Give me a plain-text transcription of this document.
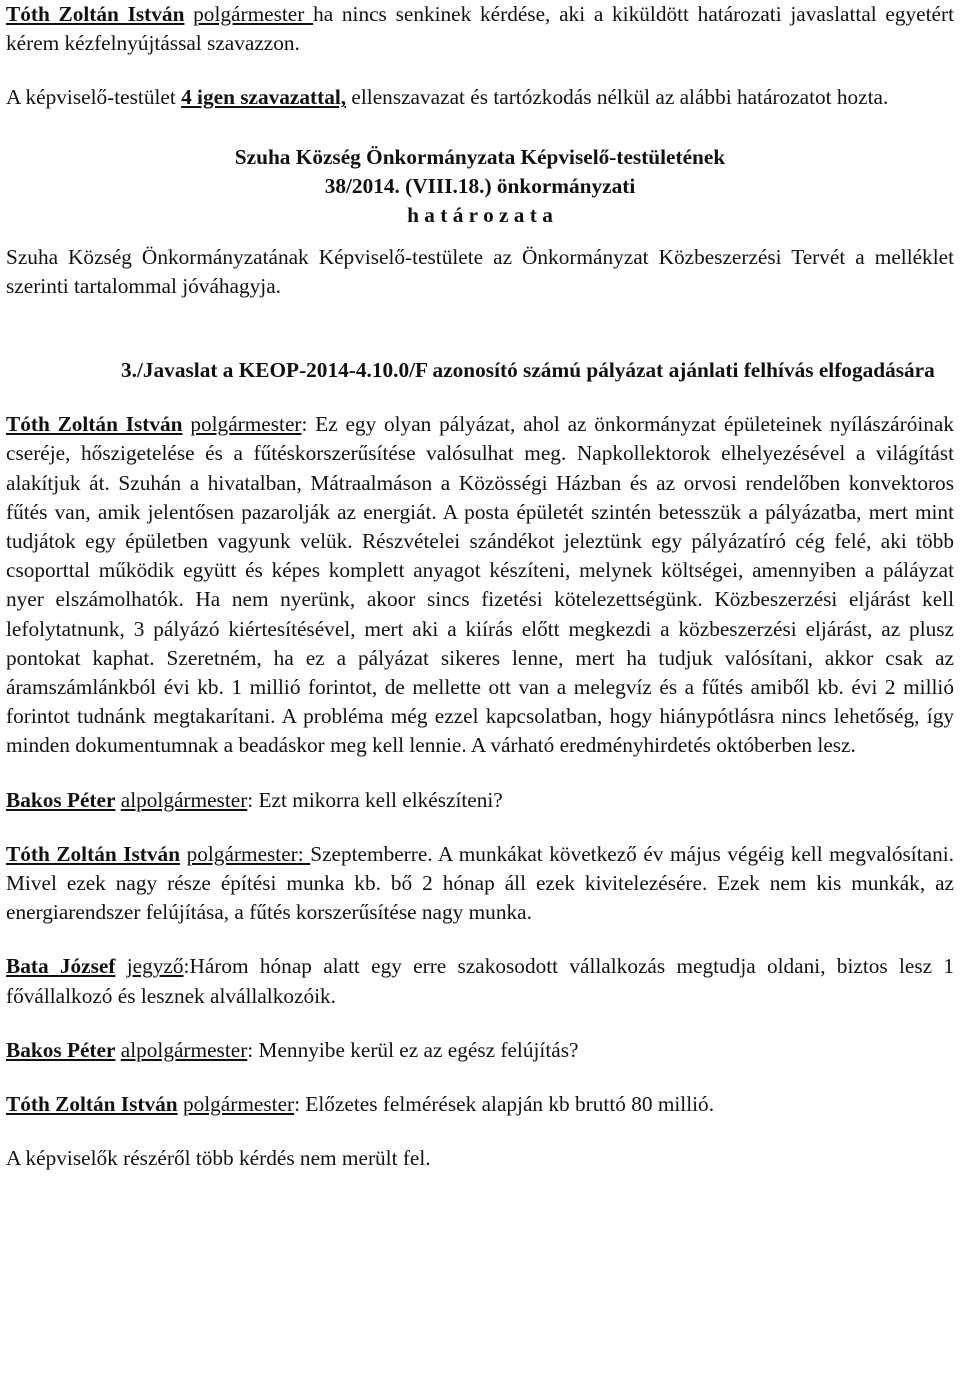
Tóth Zoltán István polgármester ha nincs senkinek kérdése, aki a kiküldött határozati javaslattal egyetért kérem kézfelnyújtással szavazzon.

A képviselő-testület 4 igen szavazattal, ellenszavazat és tartózkodás nélkül az alábbi határozatot hozta.

Szuha Község Önkormányzata Képviselő-testületének
38/2014. (VIII.18.) önkormányzati
h a t á r o z a t a

Szuha Község Önkormányzatának Képviselő-testülete az Önkormányzat Közbeszerzési Tervét a melléklet szerinti tartalommal jóváhagyja.

3./Javaslat a KEOP-2014-4.10.0/F azonosító számú pályázat ajánlati felhívás elfogadására

Tóth Zoltán István polgármester: Ez egy olyan pályázat, ahol az önkormányzat épületeinek nyílászáróinak cseréje, hőszigetelése és a fűtéskorszerűsítése valósulhat meg. Napkollektorok elhelyezésével a világítást alakítjuk át. Szuhán a hivatalban, Mátraalmáson a Közösségi Házban és az orvosi rendelőben konvektoros fűtés van, amik jelentősen pazarolják az energiát. A posta épületét szintén betesszük a pályázatba, mert mint tudjátok egy épületben vagyunk velük. Részvételei szándékot jeleztünk egy pályázatíró cég felé, aki több csoporttal működik együtt és képes komplett anyagot készíteni, melynek költségei, amennyiben a páláyzat nyer elszámolhatók. Ha nem nyerünk, akoor sincs fizetési kötelezettségünk. Közbeszerzési eljárást kell lefolytatnunk, 3 pályázó kiértesítésével, mert aki a kiírás előtt megkezdi a közbeszerzési eljárást, az plusz pontokat kaphat. Szeretném, ha ez a pályázat sikeres lenne, mert ha tudjuk valósítani, akkor csak az áramszámlánkból évi kb. 1 millió forintot, de mellette ott van a melegvíz és a fűtés amiből kb. évi 2 millió forintot tudnánk megtakarítani. A probléma még ezzel kapcsolatban, hogy hiánypótlásra nincs lehetőség, így minden dokumentumnak a beadáskor meg kell lennie. A várható eredményhirdetés októberben lesz.

Bakos Péter alpolgármester: Ezt mikorra kell elkészíteni?

Tóth Zoltán István polgármester: Szeptemberre. A munkákat következő év május végéig kell megvalósítani. Mivel ezek nagy része építési munka kb. bő 2 hónap áll ezek kivitelezésére. Ezek nem kis munkák, az energiarendszer felújítása, a fűtés korszerűsítése nagy munka.

Bata József jegyző:Három hónap alatt egy erre szakosodott vállalkozás megtudja oldani, biztos lesz 1 fővállalkozó és lesznek alvállalkozóik.

Bakos Péter alpolgármester: Mennyibe kerül ez az egész felújítás?

Tóth Zoltán István polgármester: Előzetes felmérések alapján kb bruttó 80 millió.

A képviselők részéről több kérdés nem merült fel.
